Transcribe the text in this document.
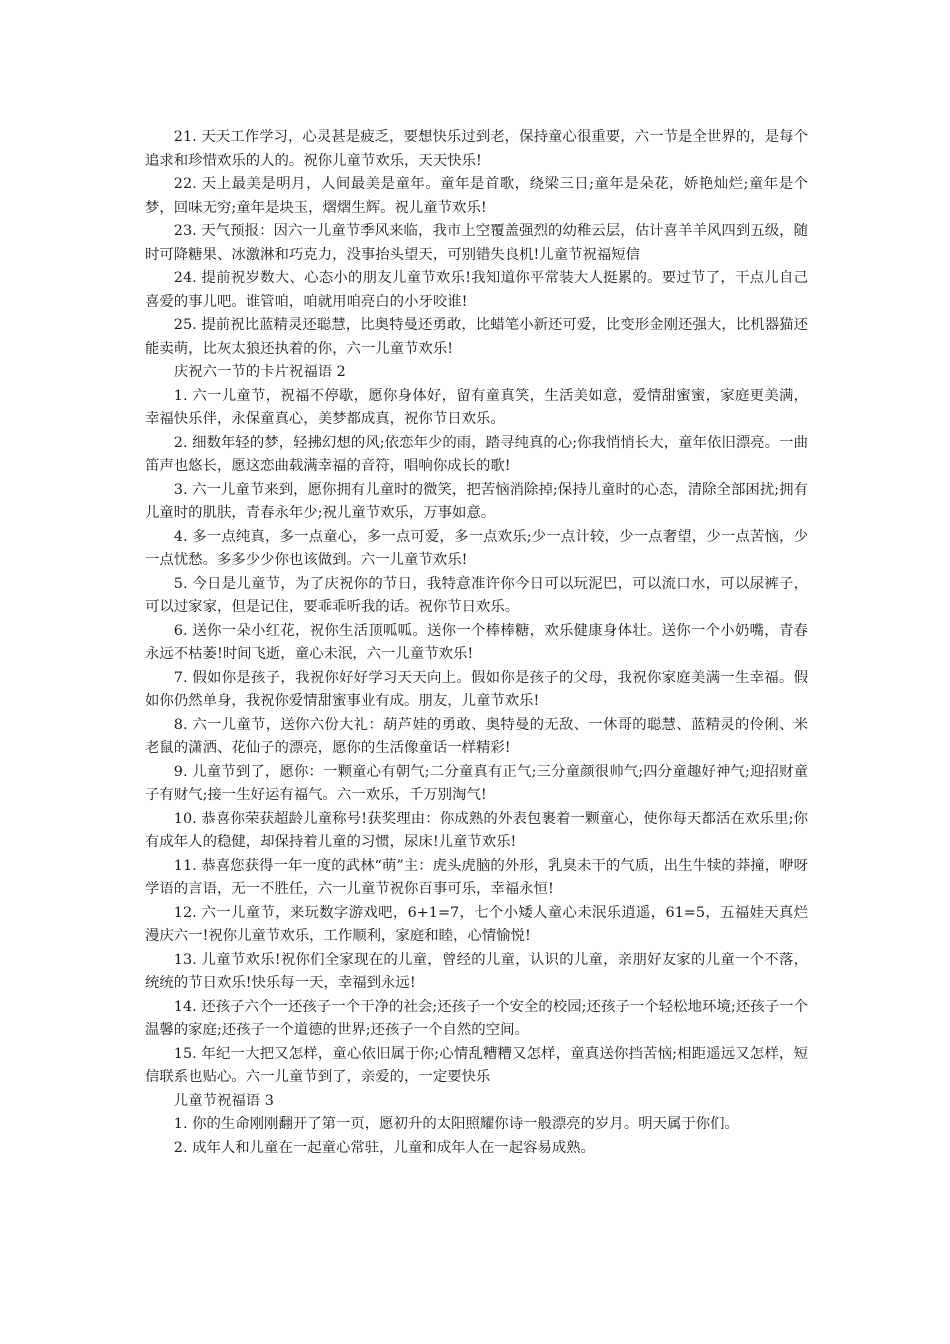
21. 天天工作学习，心灵甚是疲乏，要想快乐过到老，保持童心很重要，六一节是全世界的，是每个追求和珍惜欢乐的人的。祝你儿童节欢乐，天天快乐!

22. 天上最美是明月，人间最美是童年。童年是首歌，绕梁三日;童年是朵花，娇艳灿烂;童年是个梦，回味无穷;童年是块玉，熠熠生辉。祝儿童节欢乐!

23. 天气预报：因六一儿童节季风来临，我市上空覆盖强烈的幼稚云层，估计喜羊羊风四到五级，随时可降糖果、冰激淋和巧克力，没事抬头望天，可别错失良机!儿童节祝福短信

24. 提前祝岁数大、心态小的朋友儿童节欢乐!我知道你平常装大人挺累的。要过节了，干点儿自己喜爱的事儿吧。谁管咱，咱就用咱亮白的小牙咬谁!

25. 提前祝比蓝精灵还聪慧，比奥特曼还勇敢，比蜡笔小新还可爱，比变形金刚还强大，比机器猫还能卖萌，比灰太狼还执着的你，六一儿童节欢乐!

庆祝六一节的卡片祝福语 2

1. 六一儿童节，祝福不停歇，愿你身体好，留有童真笑，生活美如意，爱情甜蜜蜜，家庭更美满，幸福快乐伴，永保童真心，美梦都成真，祝你节日欢乐。

2. 细数年轻的梦，轻拂幻想的风;依恋年少的雨，踏寻纯真的心;你我悄悄长大，童年依旧漂亮。一曲笛声也悠长，愿这恋曲载满幸福的音符，唱响你成长的歌!

3. 六一儿童节来到，愿你拥有儿童时的微笑，把苦恼消除掉;保持儿童时的心态，清除全部困扰;拥有儿童时的肌肤，青春永年少;祝儿童节欢乐，万事如意。

4. 多一点纯真，多一点童心，多一点可爱，多一点欢乐;少一点计较，少一点奢望，少一点苦恼，少一点忧愁。多多少少你也该做到。六一儿童节欢乐!

5. 今日是儿童节，为了庆祝你的节日，我特意准许你今日可以玩泥巴，可以流口水，可以尿裤子，可以过家家，但是记住，要乖乖听我的话。祝你节日欢乐。

6. 送你一朵小红花，祝你生活顶呱呱。送你一个棒棒糖，欢乐健康身体壮。送你一个小奶嘴，青春永远不枯萎!时间飞逝，童心未泯，六一儿童节欢乐!

7. 假如你是孩子，我祝你好好学习天天向上。假如你是孩子的父母，我祝你家庭美满一生幸福。假如你仍然单身，我祝你爱情甜蜜事业有成。朋友，儿童节欢乐!

8. 六一儿童节，送你六份大礼：葫芦娃的勇敢、奥特曼的无敌、一休哥的聪慧、蓝精灵的伶俐、米老鼠的潇洒、花仙子的漂亮，愿你的生活像童话一样精彩!

9. 儿童节到了，愿你：一颗童心有朝气;二分童真有正气;三分童颜很帅气;四分童趣好神气;迎招财童子有财气;接一生好运有福气。六一欢乐，千万别淘气!

10. 恭喜你荣获超龄儿童称号!获奖理由：你成熟的外表包裹着一颗童心，使你每天都活在欢乐里;你有成年人的稳健，却保持着儿童的习惯，尿床!儿童节欢乐!

11. 恭喜您获得一年一度的武林“萌”主：虎头虎脑的外形，乳臭未干的气质，出生牛犊的莽撞，咿呀学语的言语，无一不胜任，六一儿童节祝你百事可乐，幸福永恒!

12. 六一儿童节，来玩数字游戏吧，6+1=7，七个小矮人童心未泯乐逍遥，61=5，五福娃天真烂漫庆六一!祝你儿童节欢乐，工作顺利，家庭和睦，心情愉悦!

13. 儿童节欢乐!祝你们全家现在的儿童，曾经的儿童，认识的儿童，亲朋好友家的儿童一个不落，统统的节日欢乐!快乐每一天，幸福到永远!

14. 还孩子六个一还孩子一个干净的社会;还孩子一个安全的校园;还孩子一个轻松地环境;还孩子一个温馨的家庭;还孩子一个道德的世界;还孩子一个自然的空间。

15. 年纪一大把又怎样，童心依旧属于你;心情乱糟糟又怎样，童真送你挡苦恼;相距遥远又怎样，短信联系也贴心。六一儿童节到了，亲爱的，一定要快乐

儿童节祝福语 3

1. 你的生命刚刚翻开了第一页，愿初升的太阳照耀你诗一般漂亮的岁月。明天属于你们。

2. 成年人和儿童在一起童心常驻，儿童和成年人在一起容易成熟。
